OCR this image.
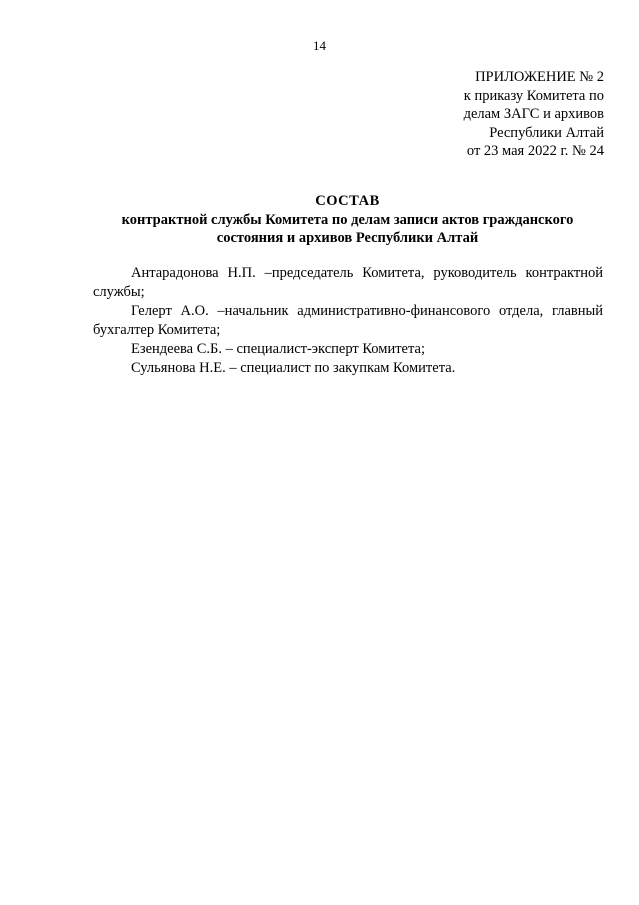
14
ПРИЛОЖЕНИЕ № 2
к приказу Комитета по
делам ЗАГС и архивов
Республики Алтай
от 23 мая 2022 г. № 24
СОСТАВ
контрактной службы Комитета по делам записи актов гражданского
состояния и архивов Республики Алтай

Антарадонова Н.П. –председатель Комитета, руководитель контрактной службы;

Гелерт А.О. –начальник административно-финансового отдела, главный бухгалтер Комитета;

Езендеева С.Б. – специалист-эксперт Комитета;

Сульянова Н.Е. – специалист по закупкам Комитета.
